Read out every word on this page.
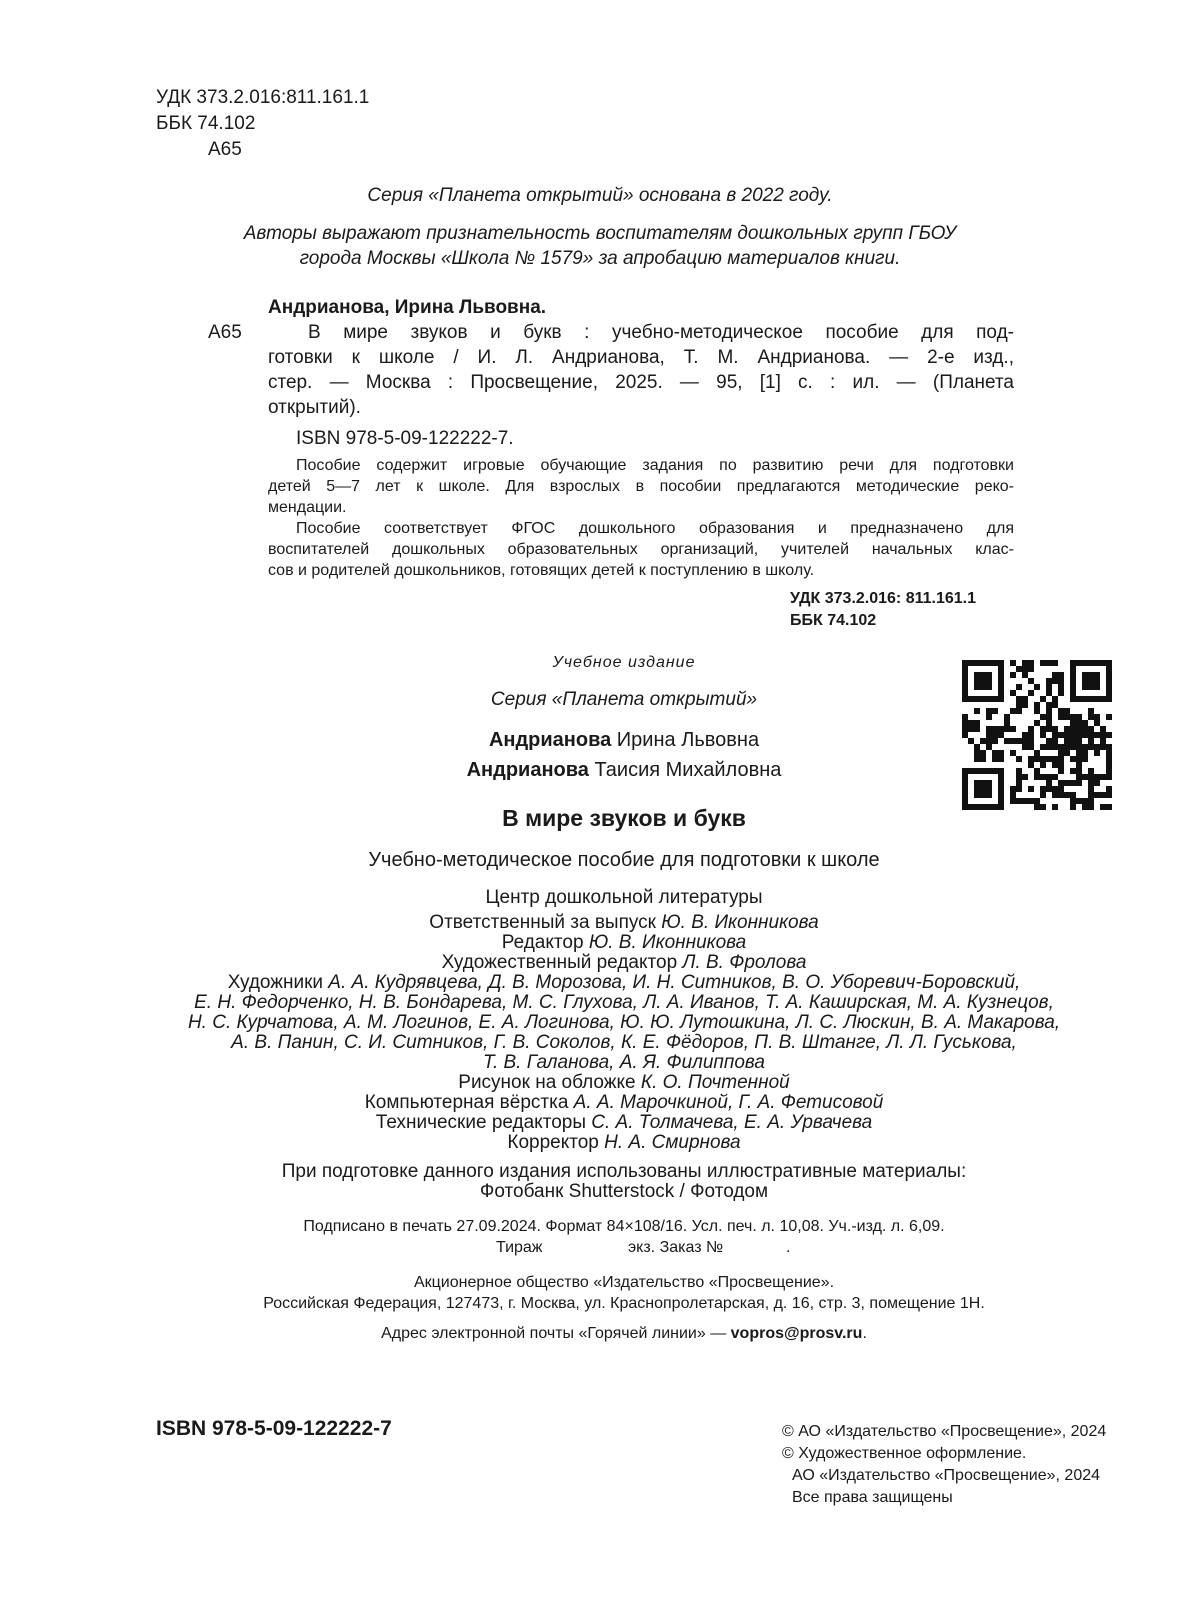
УДК 373.2.016:811.161.1
ББК 74.102
А65
Серия «Планета открытий» основана в 2022 году.
Авторы выражают признательность воспитателям дошкольных групп ГБОУ
города Москвы «Школа № 1579» за апробацию материалов книги.
Андрианова, Ирина Львовна.
А65	В мире звуков и букв : учебно-методическое пособие для под-
готовки к школе / И. Л. Андрианова, Т. М. Андрианова. — 2-е изд.,
стер. — Москва : Просвещение, 2025. — 95, [1] с. : ил. — (Планета
открытий).
ISBN 978-5-09-122222-7.
Пособие содержит игровые обучающие задания по развитию речи для подготовки
детей 5—7 лет к школе. Для взрослых в пособии предлагаются методические реко-
мендации.
Пособие соответствует ФГОС дошкольного образования и предназначено для
воспитателей дошкольных образовательных организаций, учителей начальных клас-
сов и родителей дошкольников, готовящих детей к поступлению в школу.
УДК 373.2.016: 811.161.1
ББК 74.102
Учебное издание
Серия «Планета открытий»
Андрианова Ирина Львовна
Андрианова Таисия Михайловна
В мире звуков и букв
Учебно-методическое пособие для подготовки к школе
Центр дошкольной литературы
Ответственный за выпуск Ю. В. Иконникова
Редактор Ю. В. Иконникова
Художественный редактор Л. В. Фролова
Художники А. А. Кудрявцева, Д. В. Морозова, И. Н. Ситников, В. О. Уборевич-Боровский,
Е. Н. Федорченко, Н. В. Бондарева, М. С. Глухова, Л. А. Иванов, Т. А. Каширская, М. А. Кузнецов,
Н. С. Курчатова, А. М. Логинов, Е. А. Логинова, Ю. Ю. Лутошкина, Л. С. Люскин, В. А. Макарова,
А. В. Панин, С. И. Ситников, Г. В. Соколов, К. Е. Фёдоров, П. В. Штанге, Л. Л. Гуськова,
Т. В. Галанова, А. Я. Филиппова
Рисунок на обложке К. О. Почтенной
Компьютерная вёрстка А. А. Марочкиной, Г. А. Фетисовой
Технические редакторы С. А. Толмачева, Е. А. Урвачева
Корректор Н. А. Смирнова
При подготовке данного издания использованы иллюстративные материалы:
Фотобанк Shutterstock / Фотодом
Подписано в печать 27.09.2024. Формат 84×108/16. Усл. печ. л. 10,08. Уч.-изд. л. 6,09.
Тираж	экз. Заказ №	.
Акционерное общество «Издательство «Просвещение».
Российская Федерация, 127473, г. Москва, ул. Краснопролетарская, д. 16, стр. 3, помещение 1Н.
Адрес электронной почты «Горячей линии» — vopros@prosv.ru.
ISBN 978-5-09-122222-7	© АО «Издательство «Просвещение», 2024
© Художественное оформление.
АО «Издательство «Просвещение», 2024
Все права защищены
